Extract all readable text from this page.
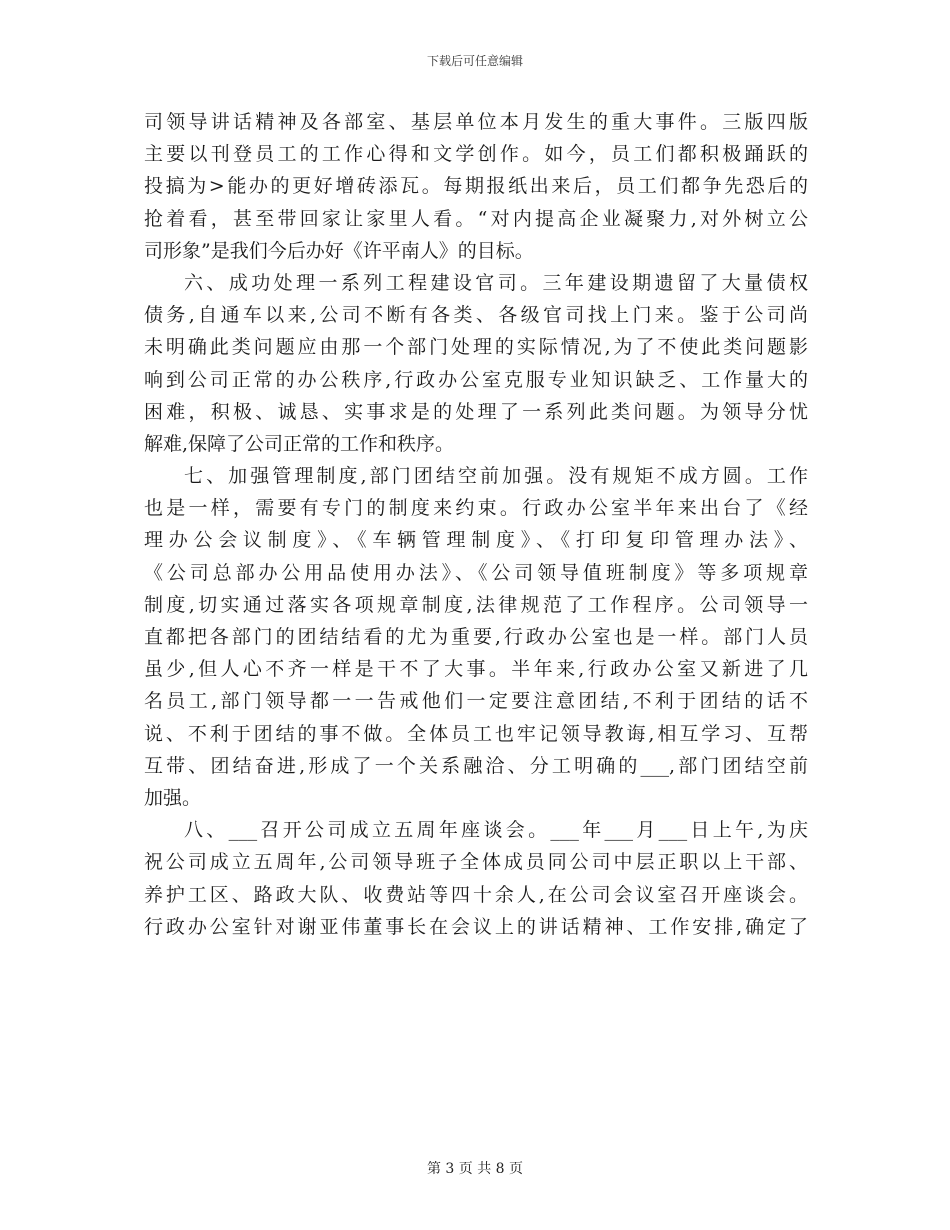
下载后可任意编辑
司领导讲话精神及各部室、基层单位本月发生的重大事件。三版四版
主要以刊登员工的工作心得和文学创作。如今，员工们都积极踊跃的
投搞为>能办的更好增砖添瓦。每期报纸出来后，员工们都争先恐后的
抢着看，甚至带回家让家里人看。“对内提高企业凝聚力,对外树立公
司形象”是我们今后办好《许平南人》的目标。
六、成功处理一系列工程建设官司。三年建设期遗留了大量债权
债务,自通车以来,公司不断有各类、各级官司找上门来。鉴于公司尚
未明确此类问题应由那一个部门处理的实际情况,为了不使此类问题影
响到公司正常的办公秩序,行政办公室克服专业知识缺乏、工作量大的
困难，积极、诚恳、实事求是的处理了一系列此类问题。为领导分忧
解难,保障了公司正常的工作和秩序。
七、加强管理制度,部门团结空前加强。没有规矩不成方圆。工作
也是一样，需要有专门的制度来约束。行政办公室半年来出台了《经
理办公会议制度》、《车辆管理制度》、《打印复印管理办法》、
《公司总部办公用品使用办法》、《公司领导值班制度》等多项规章
制度,切实通过落实各项规章制度,法律规范了工作程序。公司领导一
直都把各部门的团结结看的尤为重要,行政办公室也是一样。部门人员
虽少,但人心不齐一样是干不了大事。半年来,行政办公室又新进了几
名员工,部门领导都一一告戒他们一定要注意团结,不利于团结的话不
说、不利于团结的事不做。全体员工也牢记领导教诲,相互学习、互帮
互带、团结奋进,形成了一个关系融洽、分工明确的___,部门团结空前
加强。
八、___召开公司成立五周年座谈会。___年___月___日上午,为庆
祝公司成立五周年,公司领导班子全体成员同公司中层正职以上干部、
养护工区、路政大队、收费站等四十余人,在公司会议室召开座谈会。
行政办公室针对谢亚伟董事长在会议上的讲话精神、工作安排,确定了
第 3 页 共 8 页
